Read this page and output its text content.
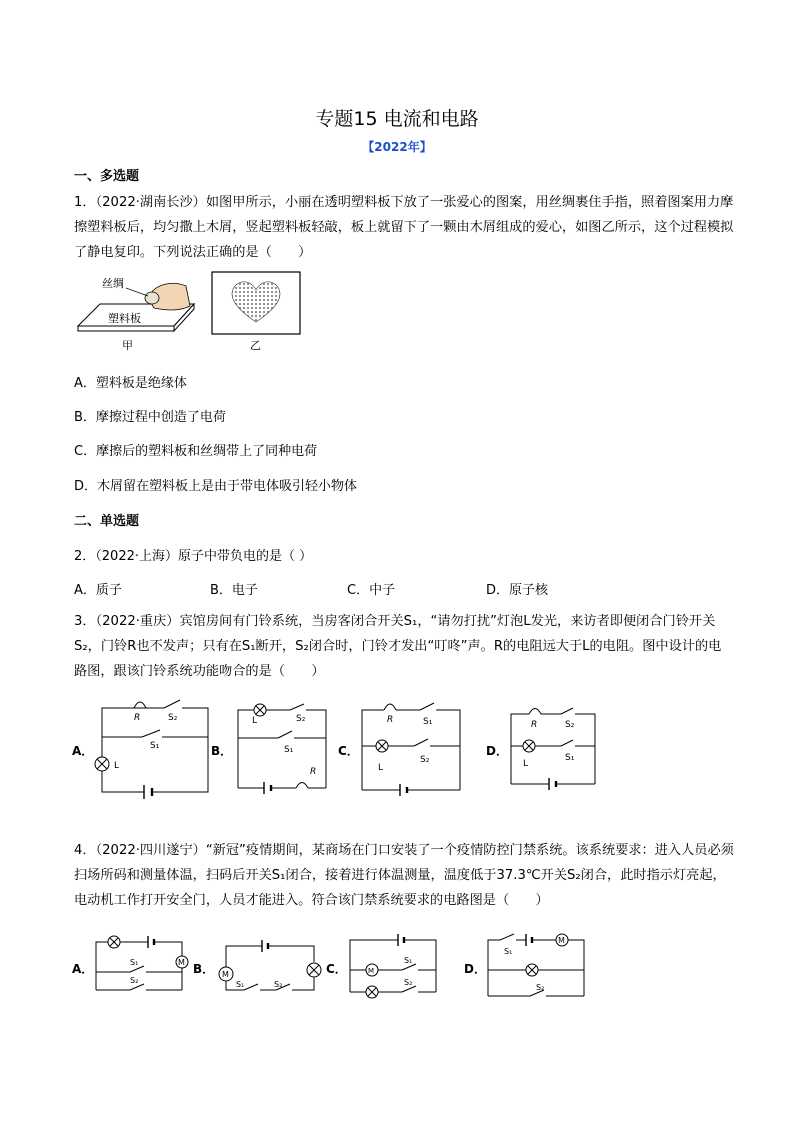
专题15 电流和电路
【2022年】
一、多选题
1．（2022·湖南长沙）如图甲所示，小丽在透明塑料板下放了一张爱心的图案，用丝绸裹住手指，照着图案用力摩擦塑料板后，均匀撒上木屑，竖起塑料板轻敲，板上就留下了一颗由木屑组成的爱心，如图乙所示，这个过程模拟了静电复印。下列说法正确的是（　　）
丝绸
塑料板
甲	乙
A．塑料板是绝缘体
B．摩擦过程中创造了电荷
C．摩擦后的塑料板和丝绸带上了同种电荷
D．木屑留在塑料板上是由于带电体吸引轻小物体
二、单选题
2．（2022·上海）原子中带负电的是（ ）
A．质子	B．电子	C．中子	D．原子核
3．（2022·重庆）宾馆房间有门铃系统，当房客闭合开关S₁，“请勿打扰”灯泡L发光，来访者即便闭合门铃开关S₂，门铃R也不发声；只有在S₁断开，S₂闭合时，门铃才发出“叮咚”声。R的电阻远大于L的电阻。图中设计的电路图，跟该门铃系统功能吻合的是（　　）
A．	B．	C．	D．
R	S₂
S₁
L
L	S₂
S₁
R
R	S₁
L
S₂
R	S₂
L
S₁
4．（2022·四川遂宁）“新冠”疫情期间，某商场在门口安装了一个疫情防控门禁系统。该系统要求：进入人员必须扫场所码和测量体温，扫码后开关S₁闭合，接着进行体温测量，温度低于37.3℃开关S₂闭合，此时指示灯亮起，电动机工作打开安全门，人员才能进入。符合该门禁系统要求的电路图是（　　）
A．	B．	C．	D．
M
S₁
S₂
M
S₁	S₂
M
S₁
S₂
M
S₁
S₂
